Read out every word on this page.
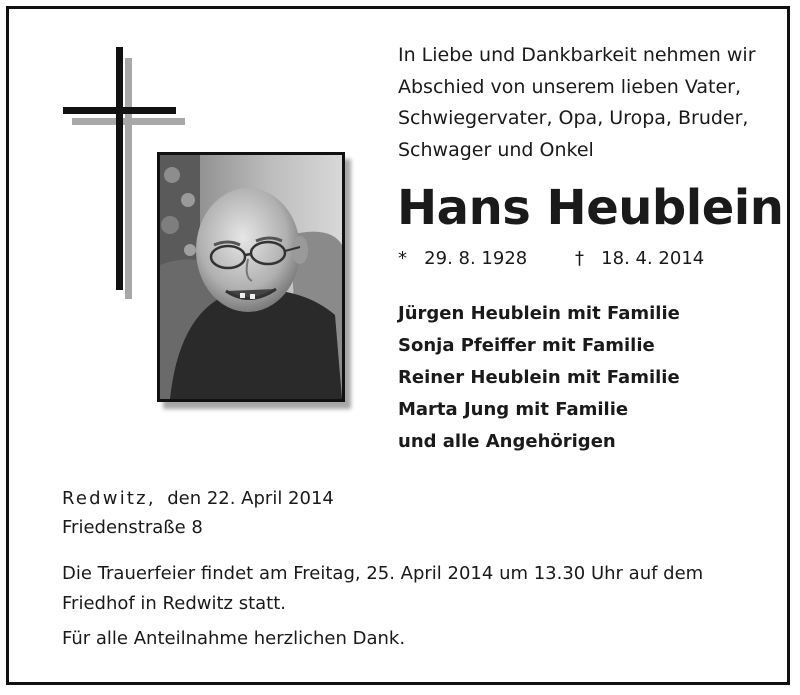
In Liebe und Dankbarkeit nehmen wir
Abschied von unserem lieben Vater,
Schwiegervater, Opa, Uropa, Bruder,
Schwager und Onkel
Hans Heublein
* 29. 8. 1928	† 18. 4. 2014
Jürgen Heublein mit Familie
Sonja Pfeiffer mit Familie
Reiner Heublein mit Familie
Marta Jung mit Familie
und alle Angehörigen
Redwitz, den 22. April 2014
Friedenstraße 8
Die Trauerfeier findet am Freitag, 25. April 2014 um 13.30 Uhr auf dem
Friedhof in Redwitz statt.
Für alle Anteilnahme herzlichen Dank.
